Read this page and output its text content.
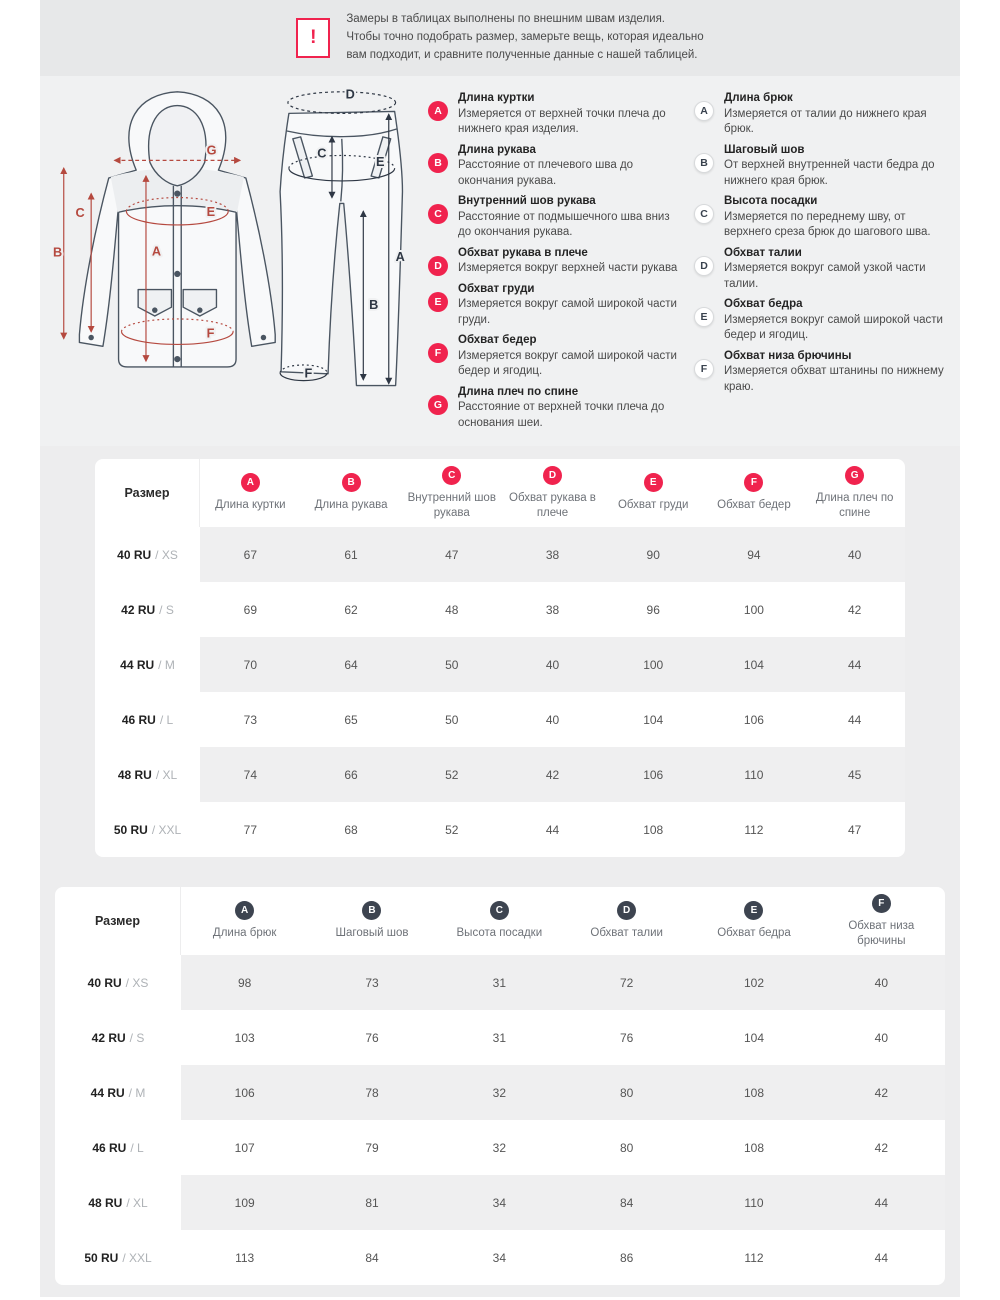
!
Замеры в таблицах выполнены по внешним швам изделия.
Чтобы точно подобрать размер, замерьте вещь, которая идеально
вам подходит, и сравните полученные данные с нашей таблицей.
G
A
B
C	E
F
D
C
E
A
B
F
A
Длина куртки
Измеряется от верхней точки плеча до нижнего края изделия.
B
Длина рукава
Расстояние от плечевого шва до окончания рукава.
C
Внутренний шов рукава
Расстояние от подмышечного шва вниз до окончания рукава.
D
Обхват рукава в плече
Измеряется вокруг верхней части рукава
E
Обхват груди
Измеряется вокруг самой широкой части груди.
F
Обхват бедер
Измеряется вокруг самой широкой части бедер и ягодиц.
G
Длина плеч по спине
Расстояние от верхней точки плеча до основания шеи.
A
Длина брюк
Измеряется от талии до нижнего края брюк.
B
Шаговый шов
От верхней внутренней части бедра до нижнего края брюк.
C
Высота посадки
Измеряется по переднему шву, от верхнего среза брюк до шагового шва.
D
Обхват талии
Измеряется вокруг самой узкой части талии.
E
Обхват бедра
Измеряется вокруг самой широкой части бедер и ягодиц.
F
Обхват низа брючины
Измеряется обхват штанины по нижнему краю.
Размер
A
Длина куртки
B
Длина рукава
C
Внутренний шов рукава
D
Обхват рукава в плече
E
Обхват груди
F
Обхват бедер
G
Длина плеч по спине
40 RU / XS	67	61	47	38	90	94	40
42 RU / S	69	62	48	38	96	100	42
44 RU / M	70	64	50	40	100	104	44
46 RU / L	73	65	50	40	104	106	44
48 RU / XL	74	66	52	42	106	110	45
50 RU / XXL	77	68	52	44	108	112	47
Размер
A
Длина брюк
B
Шаговый шов
C
Высота посадки
D
Обхват талии
E
Обхват бедра
F
Обхват низа брючины
40 RU / XS	98	73	31	72	102	40
42 RU / S	103	76	31	76	104	40
44 RU / M	106	78	32	80	108	42
46 RU / L	107	79	32	80	108	42
48 RU / XL	109	81	34	84	110	44
50 RU / XXL	113	84	34	86	112	44
